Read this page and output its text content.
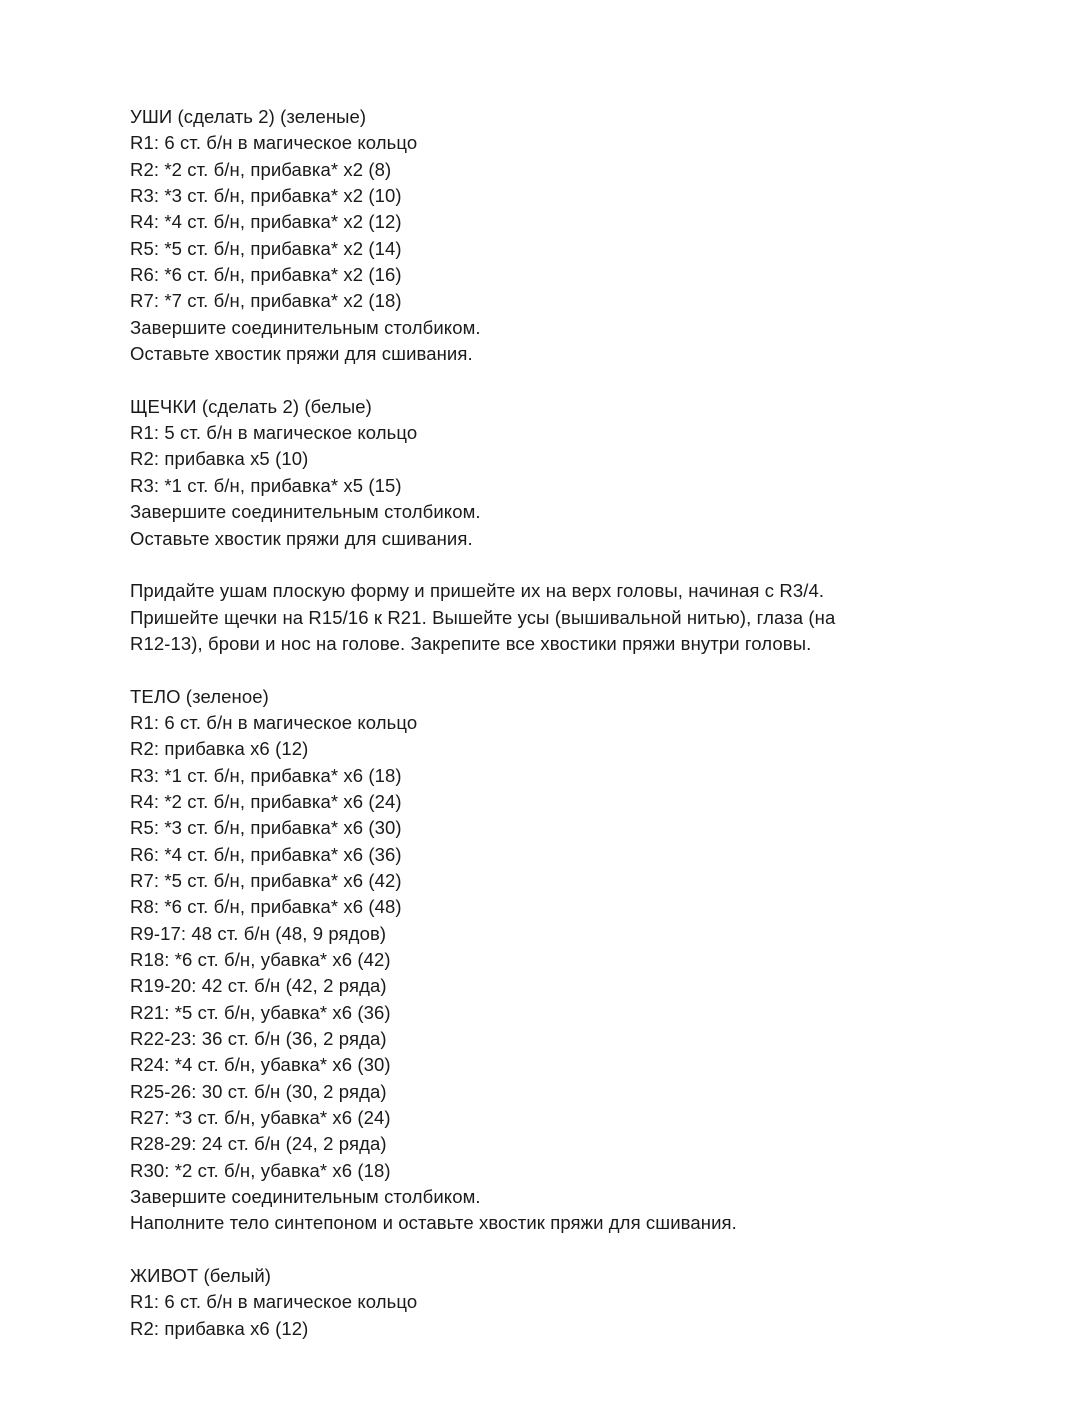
УШИ (сделать 2) (зеленые)
R1: 6 ст. б/н в магическое кольцо
R2: *2 ст. б/н, прибавка* x2 (8)
R3: *3 ст. б/н, прибавка* x2 (10)
R4: *4 ст. б/н, прибавка* x2 (12)
R5: *5 ст. б/н, прибавка* x2 (14)
R6: *6 ст. б/н, прибавка* x2 (16)
R7: *7 ст. б/н, прибавка* x2 (18)
Завершите соединительным столбиком.
Оставьте хвостик пряжи для сшивания.
ЩЕЧКИ (сделать 2) (белые)
R1: 5 ст. б/н в магическое кольцо
R2: прибавка x5 (10)
R3: *1 ст. б/н, прибавка* x5 (15)
Завершите соединительным столбиком.
Оставьте хвостик пряжи для сшивания.
Придайте ушам плоскую форму и пришейте их на верх головы, начиная с R3/4.
Пришейте щечки на R15/16 к R21. Вышейте усы (вышивальной нитью), глаза (на
R12-13), брови и нос на голове. Закрепите все хвостики пряжи внутри головы.
ТЕЛО (зеленое)
R1: 6 ст. б/н в магическое кольцо
R2: прибавка x6 (12)
R3: *1 ст. б/н, прибавка* x6 (18)
R4: *2 ст. б/н, прибавка* x6 (24)
R5: *3 ст. б/н, прибавка* x6 (30)
R6: *4 ст. б/н, прибавка* x6 (36)
R7: *5 ст. б/н, прибавка* x6 (42)
R8: *6 ст. б/н, прибавка* x6 (48)
R9-17: 48 ст. б/н (48, 9 рядов)
R18: *6 ст. б/н, убавка* x6 (42)
R19-20: 42 ст. б/н (42, 2 ряда)
R21: *5 ст. б/н, убавка* x6 (36)
R22-23: 36 ст. б/н (36, 2 ряда)
R24: *4 ст. б/н, убавка* x6 (30)
R25-26: 30 ст. б/н (30, 2 ряда)
R27: *3 ст. б/н, убавка* x6 (24)
R28-29: 24 ст. б/н (24, 2 ряда)
R30: *2 ст. б/н, убавка* x6 (18)
Завершите соединительным столбиком.
Наполните тело синтепоном и оставьте хвостик пряжи для сшивания.
ЖИВОТ (белый)
R1: 6 ст. б/н в магическое кольцо
R2: прибавка x6 (12)
